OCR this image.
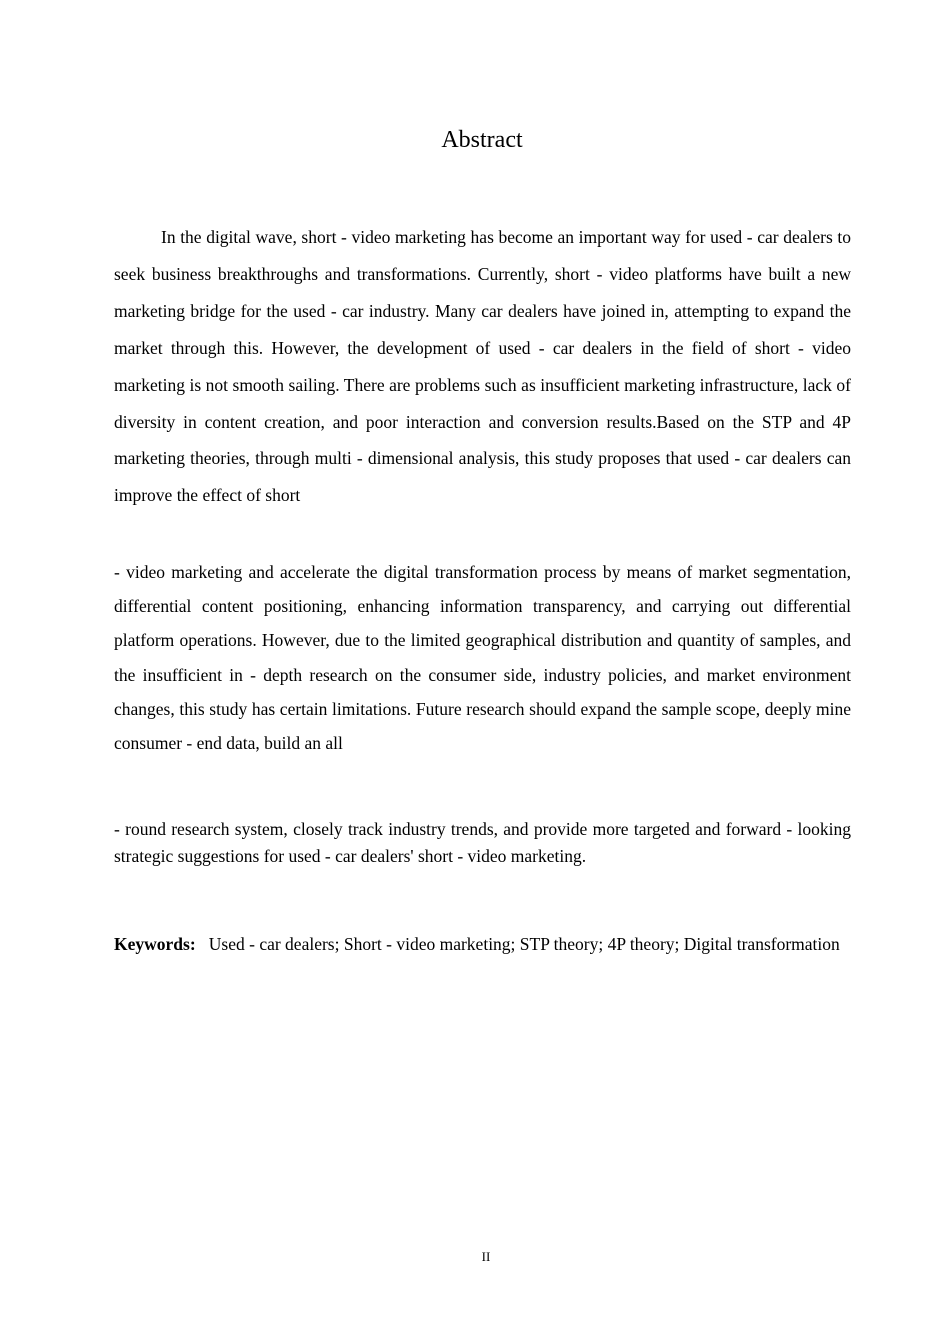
Abstract
In the digital wave, short - video marketing has become an important way for used - car dealers to seek business breakthroughs and transformations. Currently, short - video platforms have built a new marketing bridge for the used - car industry. Many car dealers have joined in, attempting to expand the market through this. However, the development of used - car dealers in the field of short - video marketing is not smooth sailing. There are problems such as insufficient marketing infrastructure, lack of diversity in content creation, and poor interaction and conversion results.Based on the STP and 4P marketing theories, through multi - dimensional analysis, this study proposes that used - car dealers can improve the effect of short
- video marketing and accelerate the digital transformation process by means of market segmentation, differential content positioning, enhancing information transparency, and carrying out differential platform operations. However, due to the limited geographical distribution and quantity of samples, and the insufficient in - depth research on the consumer side, industry policies, and market environment changes, this study has certain limitations. Future research should expand the sample scope, deeply mine consumer - end data, build an all
- round research system, closely track industry trends, and provide more targeted and forward - looking strategic suggestions for used - car dealers' short - video marketing.
Keywords: Used - car dealers; Short - video marketing; STP theory; 4P theory; Digital transformation
II
